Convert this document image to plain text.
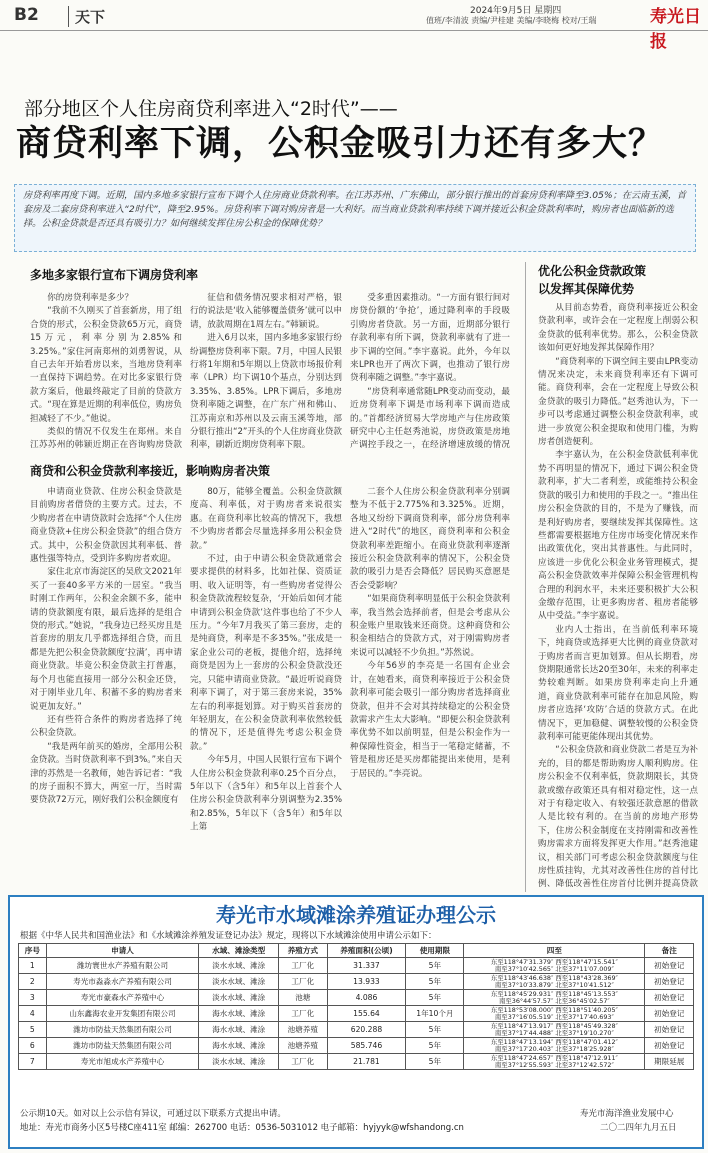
B2	天下	2024年9月5日 星期四
值班/李清波 责编/尹桂建 美编/李晓梅 校对/王瑞	寿光日报
部分地区个人住房商贷利率进入“2时代”——
商贷利率下调，公积金吸引力还有多大？
房贷利率再度下调。近期，国内多地多家银行宣布下调个人住房商业贷款利率。在江苏苏州、广东佛山，部分银行推出的首套房贷利率降至3.05%；在云南玉溪，首套房及二套房贷利率进入“2时代”，降至2.95%。房贷利率下调对购房者是一大利好。而当商业贷款利率持续下调并接近公积金贷款利率时，购房者也面临新的选择。公积金贷款是否还具有吸引力？如何继续发挥住房公积金的保障优势？
多地多家银行宣布下调房贷利率

你的房贷利率是多少？

“我前不久刚买了首套新房，用了组合贷的形式，公积金贷款65万元，商贷15万元，利率分别为2.85%和3.25%。”家住河南郑州的刘勇智说，从自己去年开始看房以来，当地房贷利率一直保持下调趋势。在对比多家银行贷款方案后，他最终敲定了目前的贷款方式。“现在算是近期的利率低位，购房负担减轻了不少。”他说。

类似的情况不仅发生在郑州。来自江苏苏州的韩颖近期正在咨询购房贷款

征信和债务情况要求相对严格，银行的说法是‘收入能够覆盖债务’就可以申请，放款周期在1周左右。”韩颖说。

进入6月以来，国内多地多家银行纷纷调整房贷利率下限。7月，中国人民银行将1年期和5年期以上贷款市场报价利率（LPR）均下调10个基点，分别达到3.35%、3.85%。LPR下调后，多地房贷利率随之调整，在广东广州和佛山、江苏南京和苏州以及云南玉溪等地，部分银行推出“2”开头的个人住房商业贷款利率，刷新近期房贷利率下限。

受多重因素推动。“一方面有银行间对房贷份额的‘争抢’，通过降利率的手段吸引购房者贷款。另一方面，近期部分银行存款利率有所下调，贷款利率就有了进一步下调的空间。”李宇嘉说。此外，今年以来LPR也开了两次下调，也推动了银行房贷利率随之调整。”李宇嘉说。

“房贷利率通常随LPR变动而变动，最近房贷利率下调是市场利率下调而造成的。”首都经济贸易大学房地产与住房政策研究中心主任赵秀池说，房贷政策是房地产调控手段之一，在经济增速放缓的情况

商贷和公积金贷款利率接近，影响购房者决策

申请商业贷款、住房公积金贷款是目前购房者借贷的主要方式。过去，不少购房者在申请贷款时会选择“个人住房商业贷款+住房公积金贷款”的组合贷方式。其中，公积金贷款因其利率低、普惠性强等特点，受到许多购房者欢迎。

家住北京市海淀区的吴欣文2021年买了一套40多平方米的一居室。“我当时刚工作两年，公积金余额不多，能申请的贷款额度有限，最后选择的是组合贷的形式。”她说，“我身边已经买房且是首套房的朋友几乎都选择组合贷，而且都是先把公积金贷款额度‘拉满’，再申请商业贷款。毕竟公积金贷款主打普惠，每个月也能直接用一部分公积金还贷，对于刚毕业几年、积蓄不多的购房者来说更加友好。”

还有些符合条件的购房者选择了纯公积金贷款。

“我是两年前买的婚房，全部用公积金贷款。当时贷款利率不到3%。”来自天津的苏然是一名教师，她告诉记者：“我的房子面积不算大，两室一厅，当时需要贷款72万元，刚好我们公积金额度有

80万，能够全覆盖。公积金贷款额度高、利率低，对于购房者来说很实惠。在商贷利率比较高的情况下，我想不少购房者都会尽量选择多用公积金贷款。”

不过，由于申请公积金贷款通常会要求提供的材料多，比如社保、资质证明、收入证明等，有一些购房者觉得公积金贷款流程较复杂，‘开始后如何才能申请到公积金贷款’这件事也给了不少人压力。“今年7月我买了第三套房，走的是纯商贷，利率是不多35%。”张成是一家企业公司的老板，提他介绍，选择纯商贷是因为上一套房的公积金贷款没还完，只能申请商业贷款。“最近听说商贷利率下调了，对于第三套房来说，35%左右的利率挺划算。对于购买首套房的年轻朋友，在公积金贷款利率依然较低的情况下，还是值得先考虑公积金贷款。”

今年5月，中国人民银行宣布下调个人住房公积金贷款利率0.25个百分点，5年以下（含5年）和5年以上首套个人住房公积金贷款利率分别调整为2.35%和2.85%，5年以下（含5年）和5年以上第

二套个人住房公积金贷款利率分别调整为不低于2.775%和3.325%。近期，各地又纷纷下调商贷利率，部分房贷利率进入“2时代”的地区，商贷利率和公积金贷款利率差距缩小。在商业贷款利率逐渐接近公积金贷款利率的情况下，公积金贷款的吸引力是否会降低？居民购买意愿是否会受影响？

“如果商贷利率明显低于公积金贷款利率，我当然会选择前者，但是会考虑从公积金账户里取钱来还商贷。这种商贷和公积金相结合的贷款方式，对于刚需购房者来说可以减轻不少负担。”苏然说。

今年56岁的李亮是一名国有企业会计，在她看来，商贷利率接近于公积金贷款利率可能会吸引一部分购房者选择商业贷款，但并不会对其持续稳定的公积金贷款需求产生太大影响。“即便公积金贷款利率优势不如以前明显，但是公积金作为一种保障性资金，相当于一笔稳定储蓄，不管是租房还是买房都能提出来使用，是利于居民的。”李亮说。

优化公积金贷款政策
以发挥其保障优势

从目前态势看，商贷利率接近公积金贷款利率，或许会在一定程度上削弱公积金贷款的低利率优势。那么，公积金贷款该如何更好地发挥其保障作用？

“商贷利率的下调空间主要由LPR变动情况来决定，未来商贷利率还有下调可能。商贷利率，会在一定程度上导致公积金贷款的吸引力降低。”赵秀池认为，下一步可以考虑通过调整公积金贷款利率，或进一步放宽公积金提取和使用门槛，为购房者创造便利。

李宇嘉认为，在公积金贷款低利率优势不再明显的情况下，通过下调公积金贷款利率，扩大二者利差，或能维持公积金贷款的吸引力和使用的手段之一。“推出住房公积金贷款的目的，不是为了赚钱，而是利好购房者，要继续发挥其保障性。这些都需要根据地方住房市场变化情况来作出政策优化，突出其普惠性。与此同时，应该进一步优化公积金业务管理模式，提高公积金贷款效率并保障公积金管理机构合理的利润水平，未来还要积极扩大公积金缴存范围，让更多购房者、租房者能够从中受益。”李宇嘉说。

业内人士指出，在当前低利率环境下，纯商贷或选择更大比例的商业贷款对于购房者而言更加划算。但从长期看，房贷期限通常长达20至30年，未来的利率走势较难判断。如果房贷利率走向上升通道，商业贷款利率可能存在加息风险，购房者应选择‘攻防’合适的贷款方式。在此情况下，更加稳健、调整较慢的公积金贷款利率可能更能体现出其优势。

“公积金贷款和商业贷款二者是互为补充的，目的都是帮助购房人顺利购房。住房公积金不仅利率低，贷款期限长，其贷款或缴存政策还具有相对稳定性，这一点对于有稳定收入、有较强还款意愿的借款人是比较有利的。在当前的房地产形势下，住房公积金制度在支持刚需和改善性购房需求方面将发挥更大作用。”赵秀池建议，相关部门可考虑公积金贷款额度与住房性质挂钩，尤其对改善性住房的首付比例、降低改善性住房首付比例并提高贷款

寿光市水域滩涂养殖证办理公示
根据《中华人民共和国渔业法》和《水域滩涂养殖发证登记办法》规定，现将以下水域滩涂使用申请公示如下：
序号	申请人	水域、滩涂类型	养殖方式	养殖面积(公顷)	使用期限	四至	备注
1	潍坊寰世水产养殖有限公司	淡水水域、滩涂	工厂化	31.337	5年	东至118°47′31.379″ 西至118°47′15.541″
南至37°10′42.565″ 北至37°11′07.009″	初始登记
2	寿光市淼淼水产养殖有限公司	淡水水域、滩涂	工厂化	13.933	5年	东至118°43′46.638″ 西至118°43′28.369″
南至37°10′33.879″ 北至37°10′41.512″	初始登记
3	寿光市豪森水产养殖中心	淡水水域、滩涂	池塘	4.086	5年	东至118°45′29.931″ 西至118°45′13.553″
南至36°44′57.57″ 北至36°45′02.57″	初始登记
4	山东鑫海农业开发集团有限公司	海水水域、滩涂	工厂化	155.64	1年10个月	东至118°53′08.000″ 西至118°51′40.205″
南至37°16′05.519″ 北至37°17′40.693″	初始登记
5	潍坊市防盐天然集团有限公司	海水水域、滩涂	池塘养殖	620.288	5年	东至118°47′13.917″ 西至118°45′49.328″
南至37°17′44.488″ 北至37°19′10.270″	初始登记
6	潍坊市防盐天然集团有限公司	海水水域、滩涂	池塘养殖	585.746	5年	东至118°47′13.194″ 西至118°47′01.412″
南至37°17′20.403″ 北至37°18′25.928″	初始登记
7	寿光市旭成水产养殖中心	淡水水域、滩涂	工厂化	21.781	5年	东至118°47′24.657″ 西至118°47′12.911″
南至37°12′55.593″ 北至37°12′42.572″	期限延展
公示期10天。如对以上公示信有异议，可通过以下联系方式提出申请。
地址：寿光市商务小区5号楼C座411室 邮编：262700 电话：0536-5031012 电子邮箱：hyjyyk@wfshandong.cn
寿光市海洋渔业发展中心
二〇二四年九月五日
